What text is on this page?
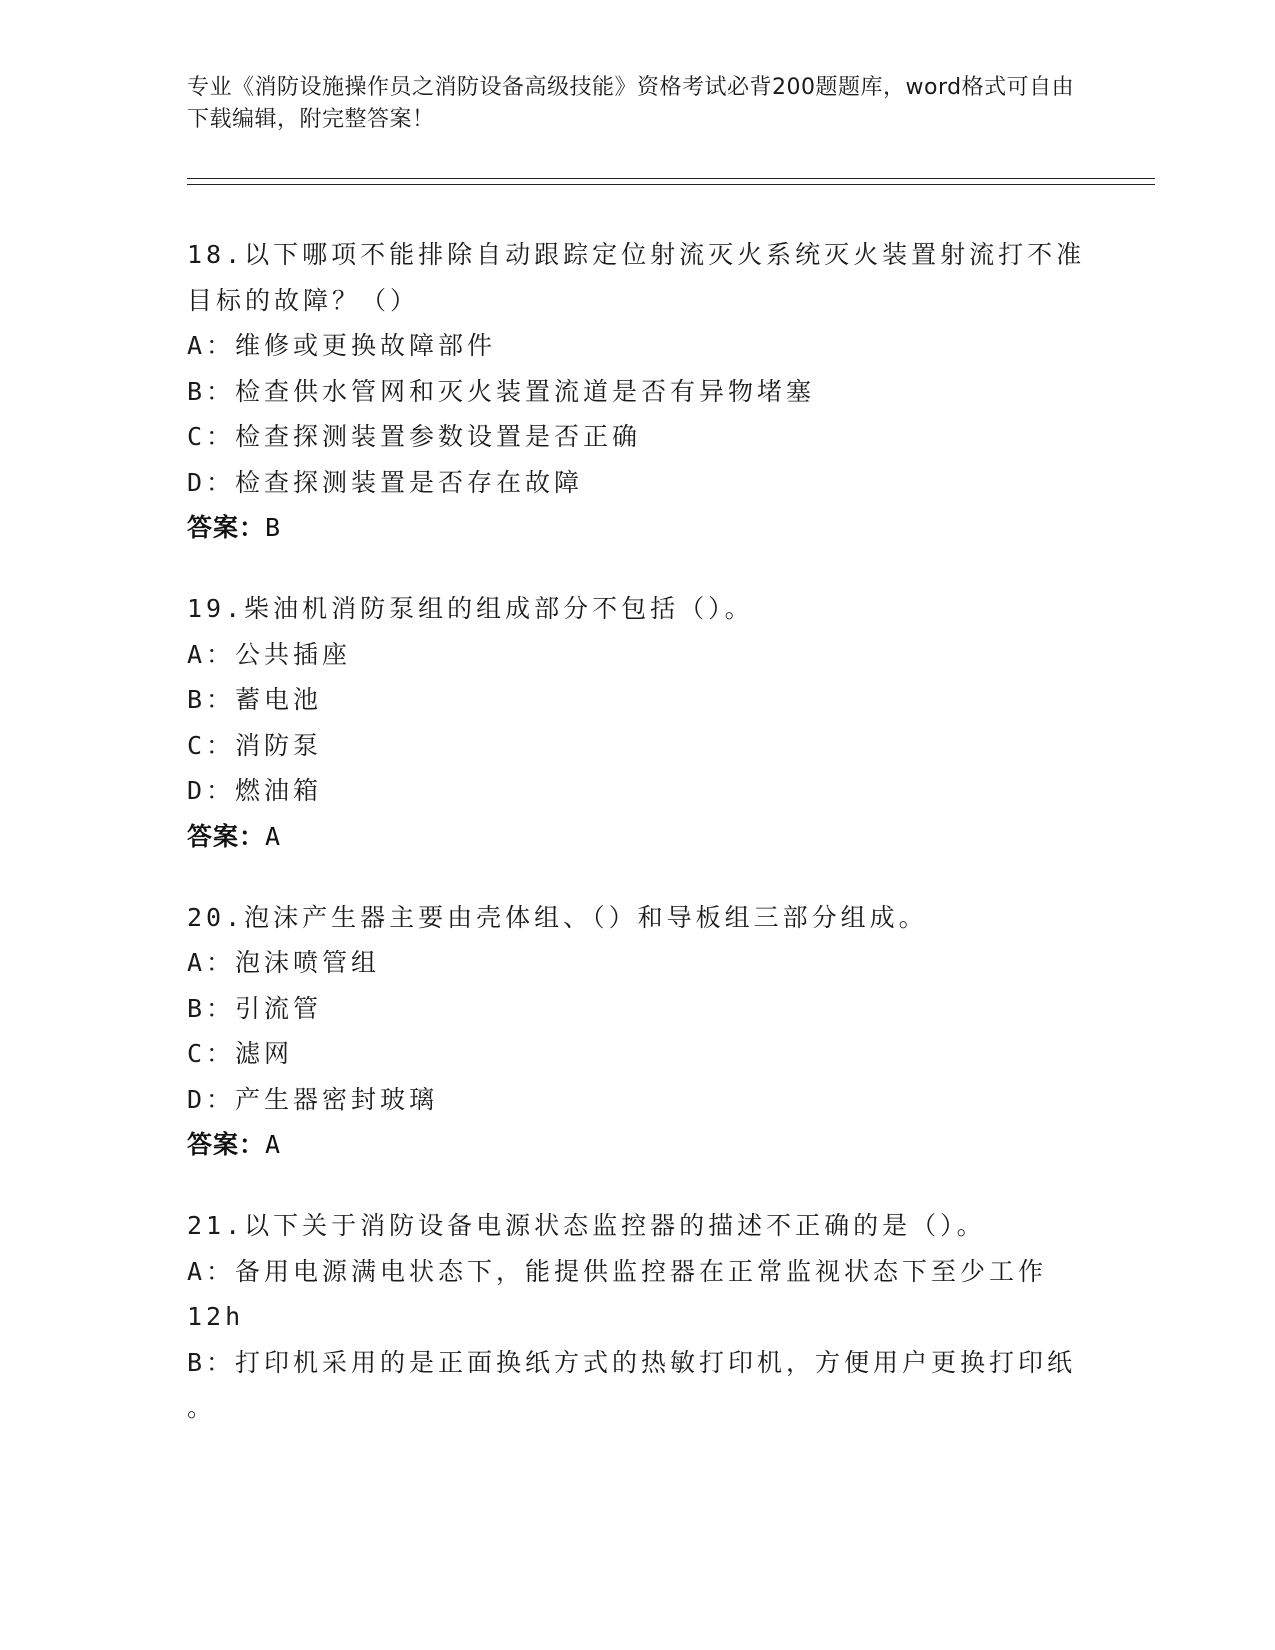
专业《消防设施操作员之消防设备高级技能》资格考试必背200题题库，word格式可自由下载编辑，附完整答案！

18.以下哪项不能排除自动跟踪定位射流灭火系统灭火装置射流打不准

目标的故障？（）

A：维修或更换故障部件

B：检查供水管网和灭火装置流道是否有异物堵塞

C：检查探测装置参数设置是否正确

D：检查探测装置是否存在故障

答案：B

19.柴油机消防泵组的组成部分不包括（）。

A：公共插座

B：蓄电池

C：消防泵

D：燃油箱

答案：A

20.泡沫产生器主要由壳体组、（）和导板组三部分组成。

A：泡沫喷管组

B：引流管

C：滤网

D：产生器密封玻璃

答案：A

21.以下关于消防设备电源状态监控器的描述不正确的是（）。

A：备用电源满电状态下，能提供监控器在正常监视状态下至少工作

12h

B：打印机采用的是正面换纸方式的热敏打印机，方便用户更换打印纸

。
